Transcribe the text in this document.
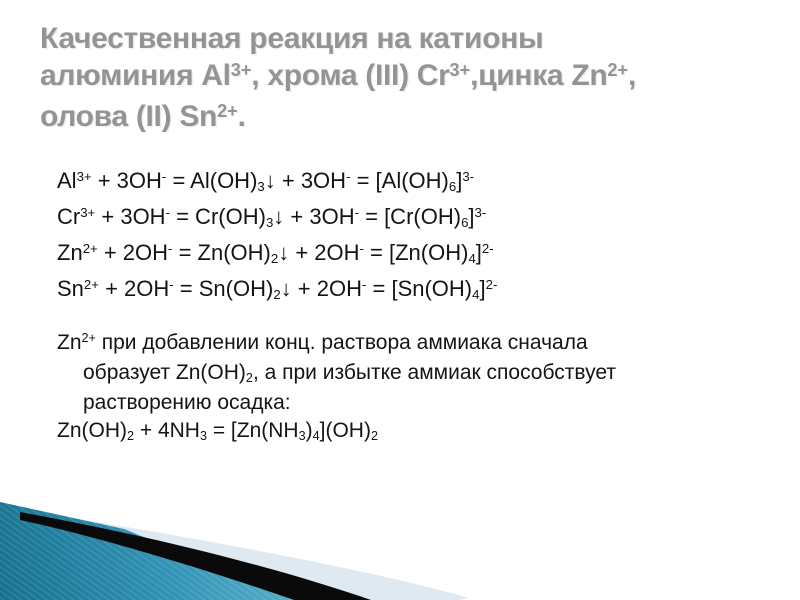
Качественная реакция на катионы
алюминия $Al^{3+}$, хрома (III) $Cr^{3+},цинка$ $Zn^{2+}$,
олова (II) $Sn^{2+}$.
$Al^{3+} + 3OH^-$ = $Al(OH)_3↓ + 3OH^- = [Al(OH)_6]^{3-}$
$Cr^{3+} + 3OH^-$ = $Cr(OH)_3↓ + 3OH^- = [Cr(OH)_6]^{3-}$
$Zn^{2+} + 2OH^-$ = $Zn(OH)_2↓ + 2OH^- = [Zn(OH)_4]^{2-}$
$Sn^{2+} + 2OH^-$ = $Sn(OH)_2↓ + 2OH^- = [Sn(OH)_4]^{2-}$
$Zn^{2+}$ при добавлении конц. раствора аммиака сначала
образует $Zn(OH)_2$, а при избытке аммиак способствует
растворению осадка:
$Zn(OH)_2 + 4NH_3 = [Zn(NH_3)_4](OH)_2$
